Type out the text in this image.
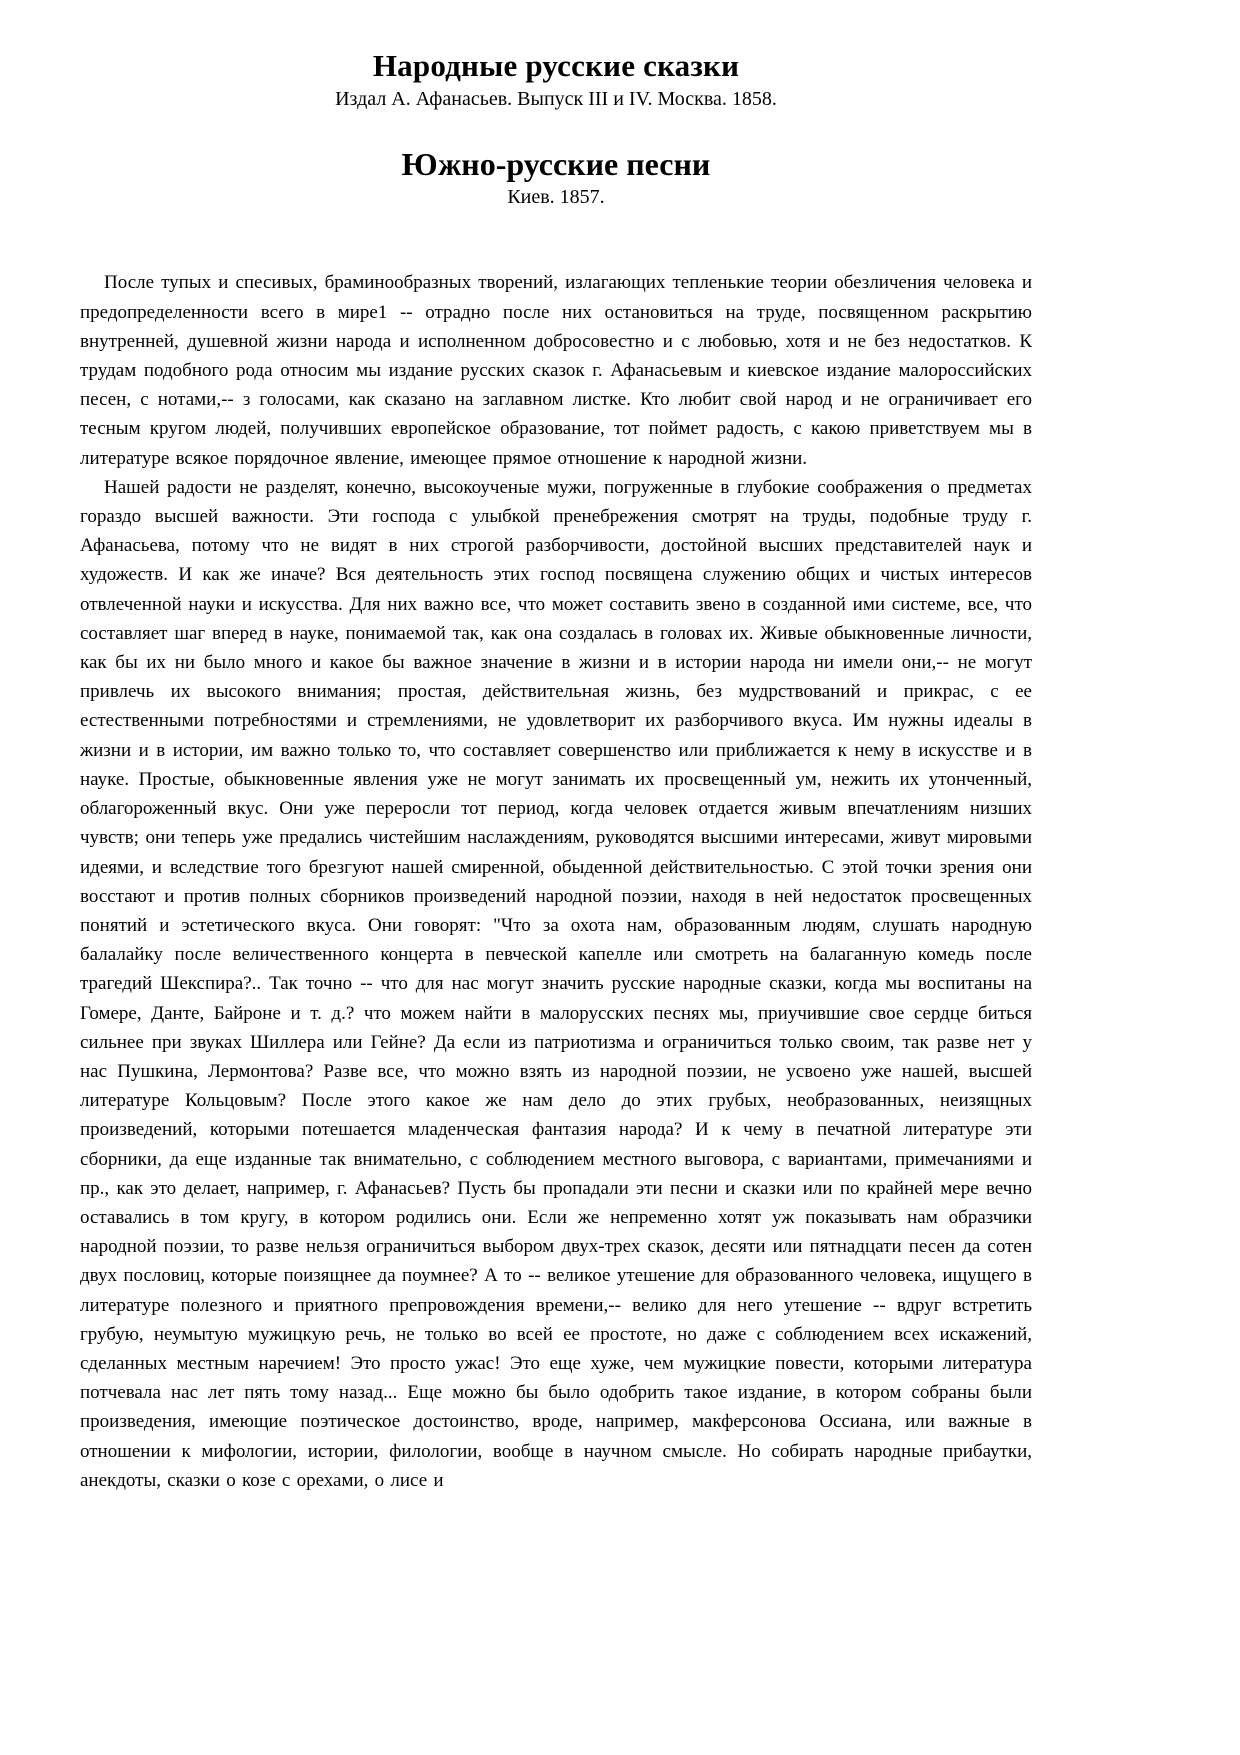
Народные русские сказки
Издал А. Афанасьев. Выпуск III и IV. Москва. 1858.
Южно-русские песни
Киев. 1857.

После тупых и спесивых, браминообразных творений, излагающих тепленькие теории обезличения человека и предопределенности всего в мире1 -- отрадно после них остановиться на труде, посвященном раскрытию внутренней, душевной жизни народа и исполненном добросовестно и с любовью, хотя и не без недостатков. К трудам подобного рода относим мы издание русских сказок г. Афанасьевым и киевское издание малороссийских песен, с нотами,-- з голосами, как сказано на заглавном листке. Кто любит свой народ и не ограничивает его тесным кругом людей, получивших европейское образование, тот поймет радость, с какою приветствуем мы в литературе всякое порядочное явление, имеющее прямое отношение к народной жизни.

Нашей радости не разделят, конечно, высокоученые мужи, погруженные в глубокие соображения о предметах гораздо высшей важности. Эти господа с улыбкой пренебрежения смотрят на труды, подобные труду г. Афанасьева, потому что не видят в них строгой разборчивости, достойной высших представителей наук и художеств. И как же иначе? Вся деятельность этих господ посвящена служению общих и чистых интересов отвлеченной науки и искусства. Для них важно все, что может составить звено в созданной ими системе, все, что составляет шаг вперед в науке, понимаемой так, как она создалась в головах их. Живые обыкновенные личности, как бы их ни было много и какое бы важное значение в жизни и в истории народа ни имели они,-- не могут привлечь их высокого внимания; простая, действительная жизнь, без мудрствований и прикрас, с ее естественными потребностями и стремлениями, не удовлетворит их разборчивого вкуса. Им нужны идеалы в жизни и в истории, им важно только то, что составляет совершенство или приближается к нему в искусстве и в науке. Простые, обыкновенные явления уже не могут занимать их просвещенный ум, нежить их утонченный, облагороженный вкус. Они уже переросли тот период, когда человек отдается живым впечатлениям низших чувств; они теперь уже предались чистейшим наслаждениям, руководятся высшими интересами, живут мировыми идеями, и вследствие того брезгуют нашей смиренной, обыденной действительностью. С этой точки зрения они восстают и против полных сборников произведений народной поэзии, находя в ней недостаток просвещенных понятий и эстетического вкуса. Они говорят: "Что за охота нам, образованным людям, слушать народную балалайку после величественного концерта в певческой капелле или смотреть на балаганную комедь после трагедий Шекспира?.. Так точно -- что для нас могут значить русские народные сказки, когда мы воспитаны на Гомере, Данте, Байроне и т. д.? что можем найти в малорусских песнях мы, приучившие свое сердце биться сильнее при звуках Шиллера или Гейне? Да если из патриотизма и ограничиться только своим, так разве нет у нас Пушкина, Лермонтова? Разве все, что можно взять из народной поэзии, не усвоено уже нашей, высшей литературе Кольцовым? После этого какое же нам дело до этих грубых, необразованных, неизящных произведений, которыми потешается младенческая фантазия народа? И к чему в печатной литературе эти сборники, да еще изданные так внимательно, с соблюдением местного выговора, с вариантами, примечаниями и пр., как это делает, например, г. Афанасьев? Пусть бы пропадали эти песни и сказки или по крайней мере вечно оставались в том кругу, в котором родились они. Если же непременно хотят уж показывать нам образчики народной поэзии, то разве нельзя ограничиться выбором двух-трех сказок, десяти или пятнадцати песен да сотен двух пословиц, которые поизящнее да поумнее? А то -- великое утешение для образованного человека, ищущего в литературе полезного и приятного препровождения времени,-- велико для него утешение -- вдруг встретить грубую, неумытую мужицкую речь, не только во всей ее простоте, но даже с соблюдением всех искажений, сделанных местным наречием! Это просто ужас! Это еще хуже, чем мужицкие повести, которыми литература потчевала нас лет пять тому назад... Еще можно бы было одобрить такое издание, в котором собраны были произведения, имеющие поэтическое достоинство, вроде, например, макферсонова Оссиана, или важные в отношении к мифологии, истории, филологии, вообще в научном смысле. Но собирать народные прибаутки, анекдоты, сказки о козе с орехами, о лисе и
